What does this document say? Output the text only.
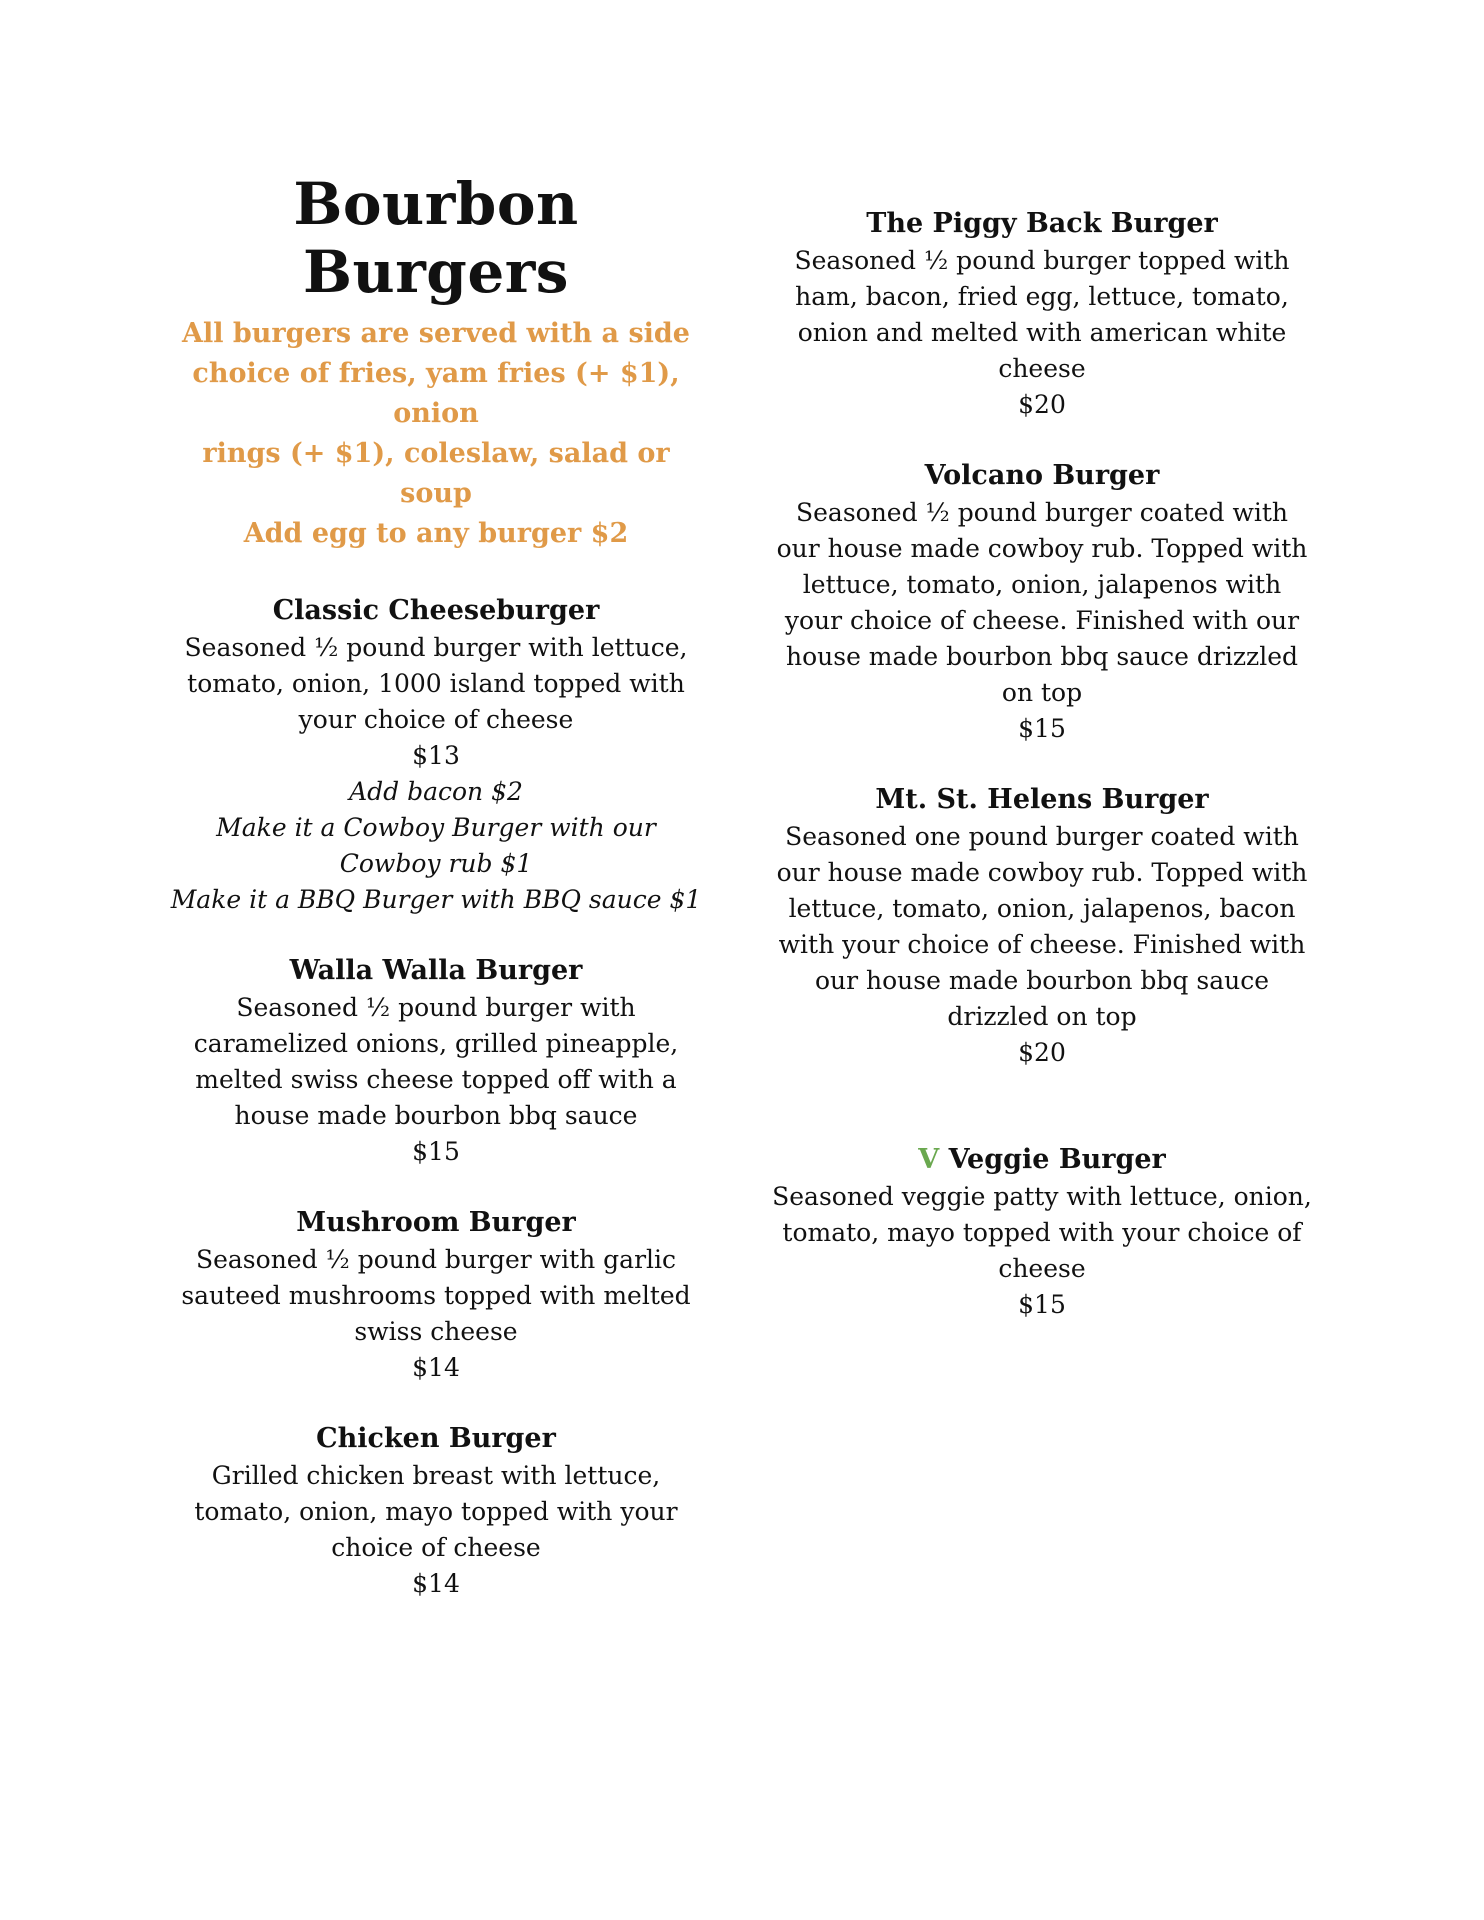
Bourbon Burgers

All burgers are served with a side
choice of fries, yam fries (+ $1), onion
rings (+ $1), coleslaw, salad or soup
Add egg to any burger $2

Classic Cheeseburger
Seasoned ½ pound burger with lettuce, tomato, onion, 1000 island topped with your choice of cheese
$13
Add bacon $2
Make it a Cowboy Burger with our Cowboy rub $1
Make it a BBQ Burger with BBQ sauce $1
Walla Walla Burger
Seasoned ½ pound burger with caramelized onions, grilled pineapple, melted swiss cheese topped off with a house made bourbon bbq sauce
$15
Mushroom Burger
Seasoned ½ pound burger with garlic sauteed mushrooms topped with melted swiss cheese
$14
Chicken Burger
Grilled chicken breast with lettuce, tomato, onion, mayo topped with your choice of cheese
$14
The Piggy Back Burger
Seasoned ½ pound burger topped with ham, bacon, fried egg, lettuce, tomato, onion and melted with american white cheese
$20
Volcano Burger
Seasoned ½ pound burger coated with our house made cowboy rub. Topped with lettuce, tomato, onion, jalapenos with your choice of cheese. Finished with our house made bourbon bbq sauce drizzled on top
$15
Mt. St. Helens Burger
Seasoned one pound burger coated with our house made cowboy rub. Topped with lettuce, tomato, onion, jalapenos, bacon with your choice of cheese. Finished with our house made bourbon bbq sauce drizzled on top
$20
V Veggie Burger
Seasoned veggie patty with lettuce, onion, tomato, mayo topped with your choice of cheese
$15
